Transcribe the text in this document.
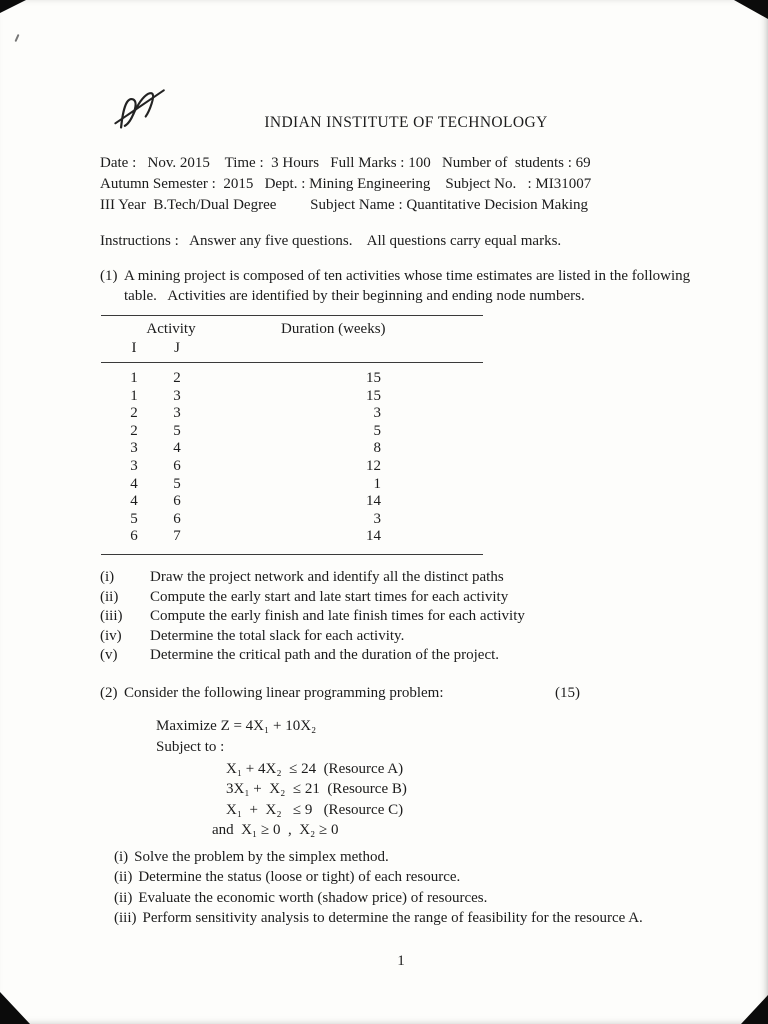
INDIAN INSTITUTE OF TECHNOLOGY
Date :   Nov. 2015    Time :  3 Hours   Full Marks : 100   Number of  students : 69
Autumn Semester :  2015   Dept. : Mining Engineering    Subject No.   : MI31007
III Year  B.Tech/Dual Degree         Subject Name : Quantitative Decision Making
Instructions :   Answer any five questions.    All questions carry equal marks.
(1) A mining project is composed of ten activities whose time estimates are listed in the following table.   Activities are identified by their beginning and ending node numbers.
Activity	Duration (weeks)
I	J
1	2	15
1	3	15
2	3	3
2	5	5
3	4	8
3	6	12
4	5	1
4	6	14
5	6	3
6	7	14
(i)	Draw the project network and identify all the distinct paths
(ii)	Compute the early start and late start times for each activity
(iii)	Compute the early finish and late finish times for each activity
(iv)	Determine the total slack for each activity.
(v)	Determine the critical path and the duration of the project.
(2) Consider the following linear programming problem:	(15)
Maximize Z = 4X₁ + 10X₂
Subject to :
X₁ + 4X₂  ≤ 24  (Resource A)
3X₁ +  X₂  ≤ 21  (Resource B)
X₁  +  X₂   ≤ 9   (Resource C)
and  X₁ ≥ 0  ,  X₂ ≥ 0
(i) Solve the problem by the simplex method.
(ii) Determine the status (loose or tight) of each resource.
(ii) Evaluate the economic worth (shadow price) of resources.
(iii) Perform sensitivity analysis to determine the range of feasibility for the resource A.
1
